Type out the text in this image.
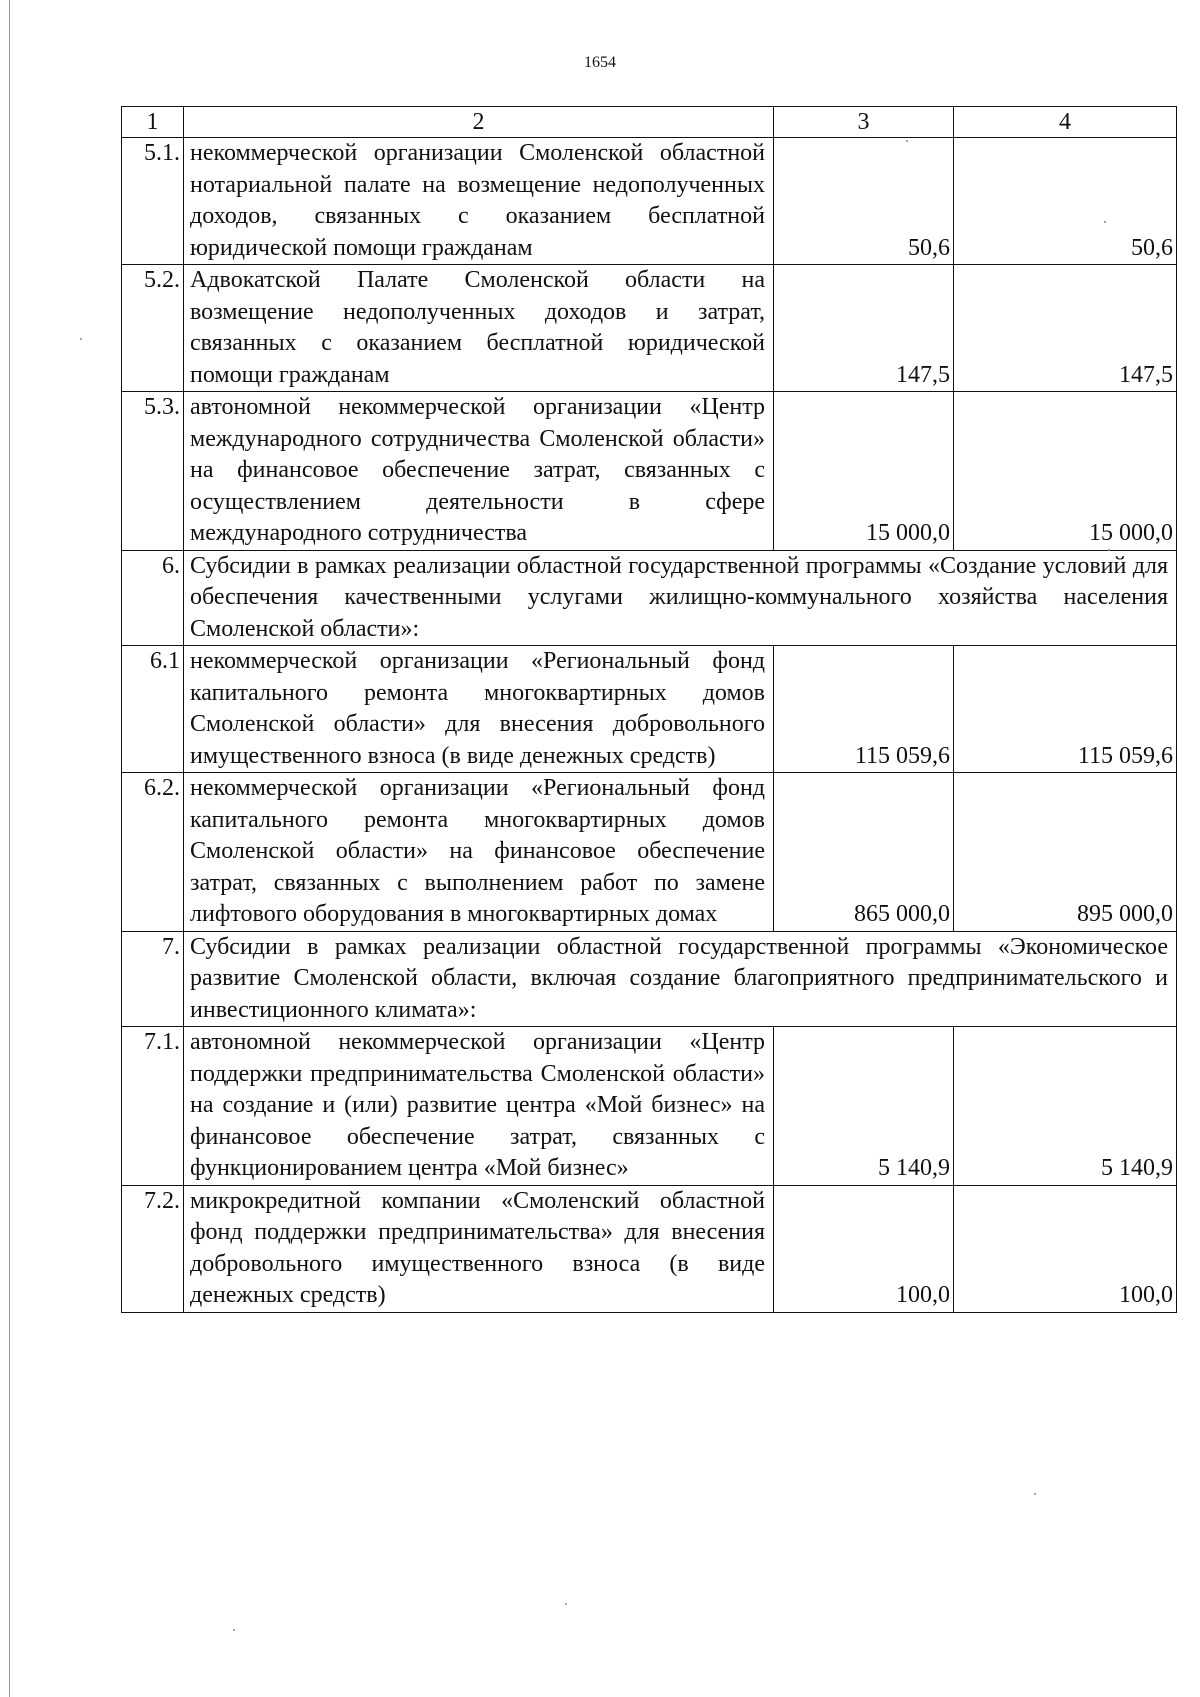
1654
1	2	3	4
5.1.	некоммерческой организации Смоленской областной нотариальной палате на возмещение недополученных доходов, связанных с оказанием бесплатной юридической помощи гражданам	50,6	50,6
5.2.	Адвокатской Палате Смоленской области на возмещение недополученных доходов и затрат, связанных с оказанием бесплатной юридической помощи гражданам	147,5	147,5
5.3.	автономной некоммерческой организации «Центр международного сотрудничества Смоленской области» на финансовое обеспечение затрат, связанных с осуществлением деятельности в сфере международного сотрудничества	15 000,0	15 000,0
6.	Субсидии в рамках реализации областной государственной программы «Создание условий для обеспечения качественными услугами жилищно-коммунального хозяйства населения Смоленской области»:		

6.1	некоммерческой организации «Региональный фонд капитального ремонта многоквартирных домов Смоленской области» для внесения добровольного имущественного взноса (в виде денежных средств)	115 059,6	115 059,6
6.2.	некоммерческой организации «Региональный фонд капитального ремонта многоквартирных домов Смоленской области» на финансовое обеспечение затрат, связанных с выполнением работ по замене лифтового оборудования в многоквартирных домах	865 000,0	895 000,0
7.	Субсидии в рамках реализации областной государственной программы «Экономическое развитие Смоленской области, включая создание благоприятного предпринимательского и инвестиционного климата»:		

7.1.	автономной некоммерческой организации «Центр поддержки предпринимательства Смоленской области» на создание и (или) развитие центра «Мой бизнес» на финансовое обеспечение затрат, связанных с функционированием центра «Мой бизнес»	5 140,9	5 140,9
7.2.	микрокредитной компании «Смоленский областной фонд поддержки предпринимательства» для внесения добровольного имущественного взноса (в виде денежных средств)	100,0	100,0
